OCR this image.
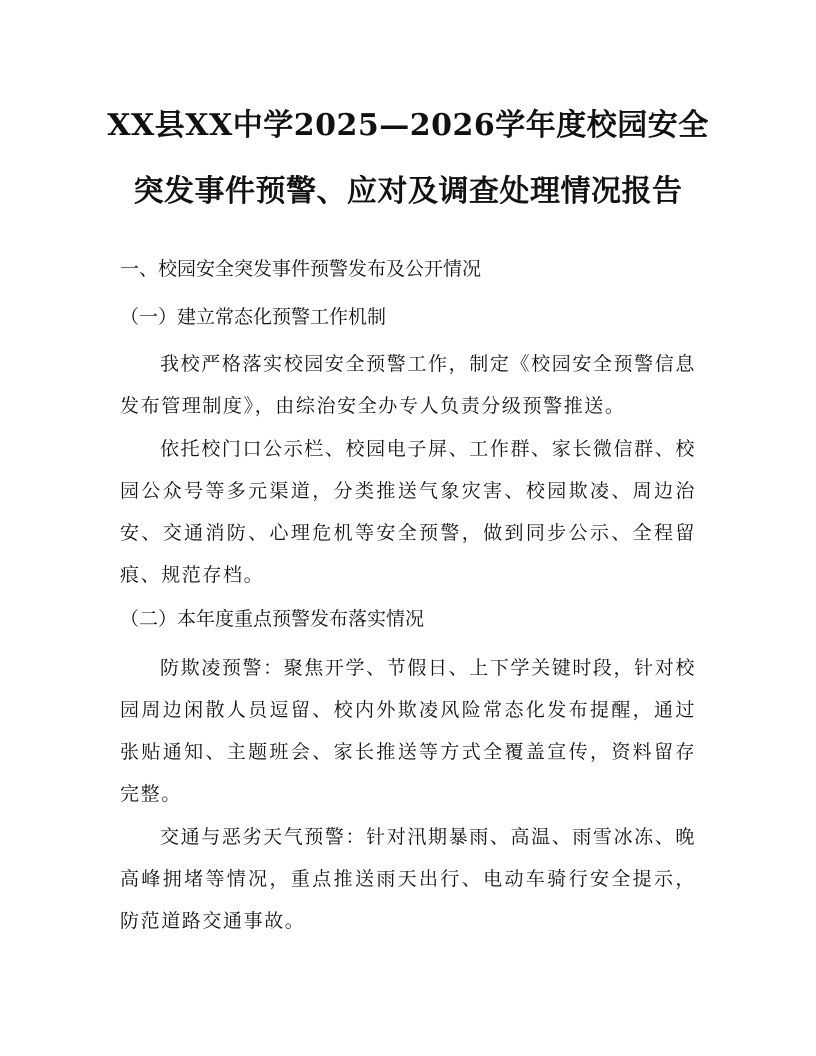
XX县XX中学2025—2026学年度校园安全
突发事件预警、应对及调查处理情况报告
一、校园安全突发事件预警发布及公开情况
（一）建立常态化预警工作机制

我校严格落实校园安全预警工作，制定《校园安全预警信息发布管理制度》，由综治安全办专人负责分级预警推送。

依托校门口公示栏、校园电子屏、工作群、家长微信群、校园公众号等多元渠道，分类推送气象灾害、校园欺凌、周边治安、交通消防、心理危机等安全预警，做到同步公示、全程留痕、规范存档。

（二）本年度重点预警发布落实情况

防欺凌预警：聚焦开学、节假日、上下学关键时段，针对校园周边闲散人员逗留、校内外欺凌风险常态化发布提醒，通过张贴通知、主题班会、家长推送等方式全覆盖宣传，资料留存完整。

交通与恶劣天气预警：针对汛期暴雨、高温、雨雪冰冻、晚高峰拥堵等情况，重点推送雨天出行、电动车骑行安全提示，防范道路交通事故。
